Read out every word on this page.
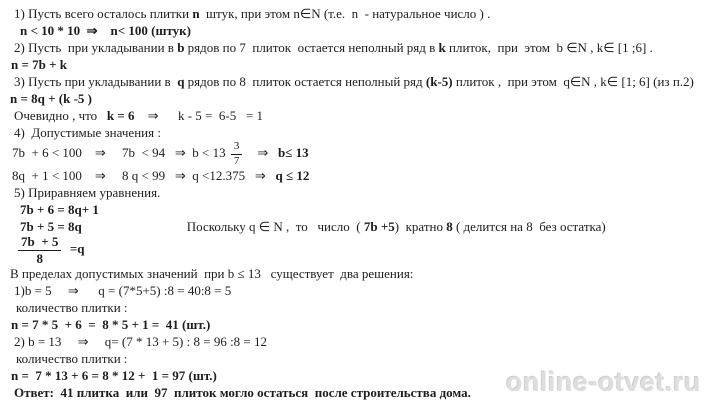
1) Пусть всего осталось плитки n  штук, при этом n∈N (т.е.  n  - натуральное число ) .
n < 10 * 10  ⇒    n< 100 (штук)
2) Пусть  при укладывании в b рядов по 7  плиток  остается неполный ряд в k плиток,  при  этом  b ∈N , k∈ [1 ;6] .
n = 7b + k
3) Пусть при укладывании в  q рядов по 8  плиток остается неполный ряд (k-5) плиток ,  при этом  q∈N , k∈ [1; 6] (из п.2)
n = 8q + (k -5 )
Очевидно , что   k = 6    ⇒      k - 5 =  6-5   = 1
4)  Допустимые значения :
7b  + 6 < 100    ⇒     7b  < 94   ⇒  $b < 13 \frac{3}{7}$ ⇒   b≤ 13
8q  + 1 < 100    ⇒     8 q < 99   ⇒  q <12.375   ⇒   q ≤ 12
5) Приравняем уравнения.
7b + 6 = 8q+ 1
7b + 5 = 8q	Поскольку q ∈ N ,  то   число  ( 7b +5)  кратно 8 ( делится на 8  без остатка)
$\frac{7b + 5}{8} =q$
В пределах допустимых значений  при b ≤ 13   существует  два решения:
1)b = 5     ⇒      q = (7*5+5) :8 = 40:8 = 5
количество плитки :
n = 7 * 5  + 6  =  8 * 5 + 1 =  41 (шт.)
2) b = 13     ⇒     q= (7 * 13 + 5) : 8 = 96 :8 = 12
количество плитки :
n =  7 * 13 + 6 = 8 * 12 +  1 = 97 (шт.)
Ответ:  41 плитка  или  97  плиток могло остаться  после строительства дома.	online-otvet.ru
